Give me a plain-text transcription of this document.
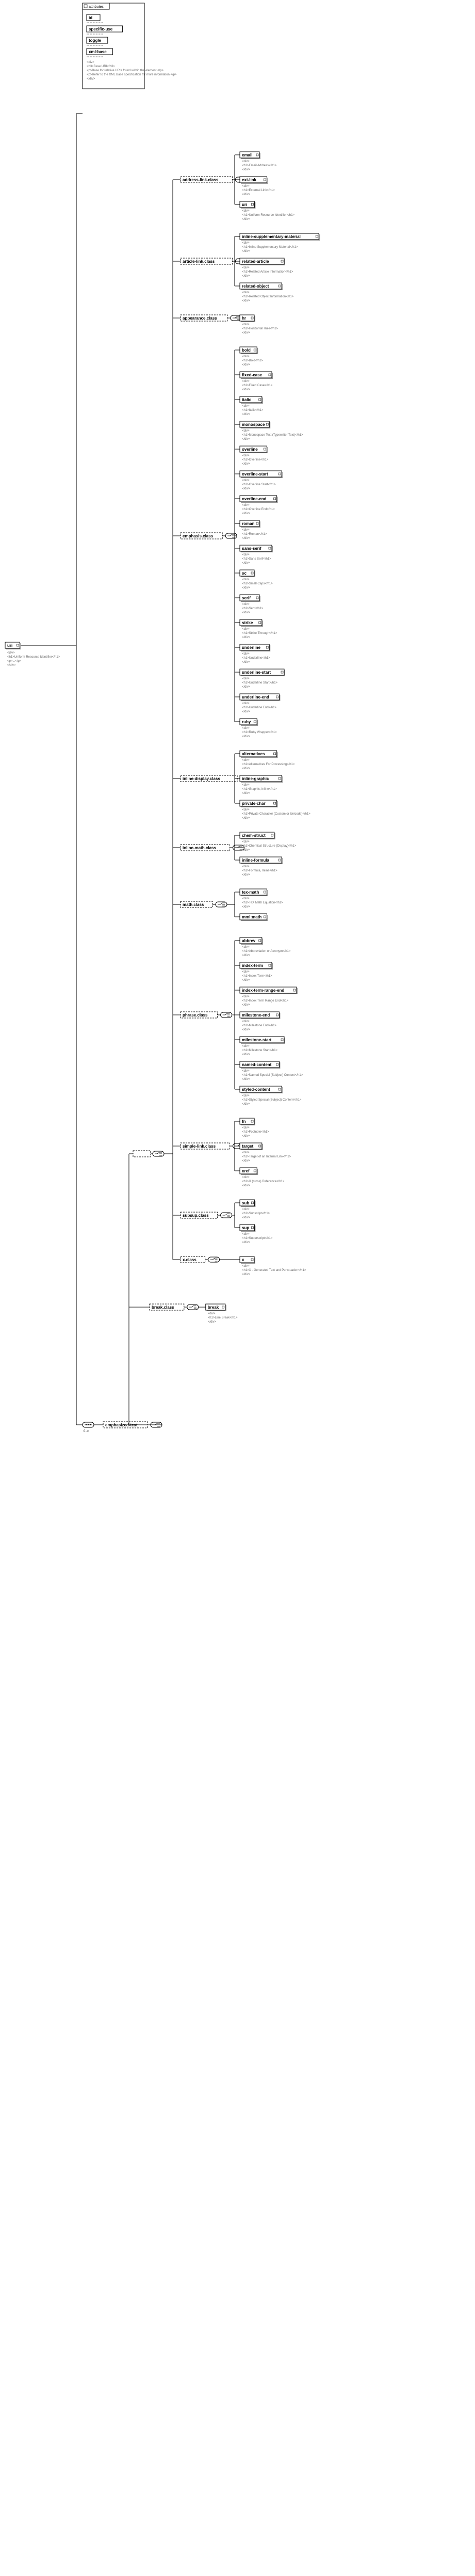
uri
<div>
<h1>Uniform Resource Identifier</h1>
<p>...</p>
</div>
attributes
id
specific-use
toggle
xml:base
<div>
<h3>Base URI</h3>
<p>Base for relative URIs found within the element.</p>
<p>Refer to the XML Base specification for more information.</p>
</div>
0..∞
emphasized-text
address-link.class
email
<div>
<h1>Email Address</h1>
</div>
ext-link
<div>
<h1>External Link</h1>
</div>
uri
<div>
<h1>Uniform Resource Identifier</h1>
</div>
article-link.class
inline-supplementary-material
<div>
<h1>Inline Supplementary Material</h1>
</div>
related-article
<div>
<h1>Related Article Information</h1>
</div>
related-object
<div>
<h1>Related Object Information</h1>
</div>
appearance.class	hr
<div>
<h1>Horizontal Rule</h1>
</div>
emphasis.class
bold
<div>
<h1>Bold</h1>
</div>
fixed-case
<div>
<h1>Fixed Case</h1>
</div>
italic
<div>
<h1>Italic</h1>
</div>
monospace
<div>
<h1>Monospace Text (Typewriter Text)</h1>
</div>
overline
<div>
<h1>Overline</h1>
</div>
overline-start
<div>
<h1>Overline Start</h1>
</div>
overline-end
<div>
<h1>Overline End</h1>
</div>
roman
<div>
<h1>Roman</h1>
</div>
sans-serif
<div>
<h1>Sans Serif</h1>
</div>
sc
<div>
<h1>Small Caps</h1>
</div>
serif
<div>
<h1>Serif</h1>
</div>
strike
<div>
<h1>Strike Through</h1>
</div>
underline
<div>
<h1>Underline</h1>
</div>
underline-start
<div>
<h1>Underline Start</h1>
</div>
underline-end
<div>
<h1>Underline End</h1>
</div>
ruby
<div>
<h1>Ruby Wrapper</h1>
</div>
inline-display.class
alternatives
<div>
<h1>Alternatives For Processing</h1>
</div>
inline-graphic
<div>
<h1>Graphic, Inline</h1>
</div>
private-char
<div>
<h1>Private Character (Custom or Unicode)</h1>
</div>
inline-math.class
chem-struct
<div>
<h1>Chemical Structure (Display)</h1>
</div>
inline-formula
<div>
<h1>Formula, Inline</h1>
</div>
math.class
tex-math
<div>
<h1>TeX Math Equation</h1>
</div>
mml:math
phrase.class
abbrev
<div>
<h1>Abbreviation or Acronym</h1>
</div>
index-term
<div>
<h1>Index Term</h1>
</div>
index-term-range-end
<div>
<h1>Index Term Range End</h1>
</div>
milestone-end
<div>
<h1>Milestone End</h1>
</div>
milestone-start
<div>
<h1>Milestone Start</h1>
</div>
named-content
<div>
<h1>Named Special (Subject) Content</h1>
</div>
styled-content
<div>
<h1>Styled Special (Subject) Content</h1>
</div>
simple-link.class
fn
<div>
<h1>Footnote</h1>
</div>
target
<div>
<h1>Target of an Internal Link</h1>
</div>
xref
<div>
<h1>X (cross) Reference</h1>
</div>
subsup.class
sub
<div>
<h1>Subscript</h1>
</div>
sup
<div>
<h1>Superscript</h1>
</div>
x.class	x
<div>
<h1>X - Generated Text and Punctuation</h1>
</div>
break.class	break
<div>
<h1>Line Break</h1>
</div>
